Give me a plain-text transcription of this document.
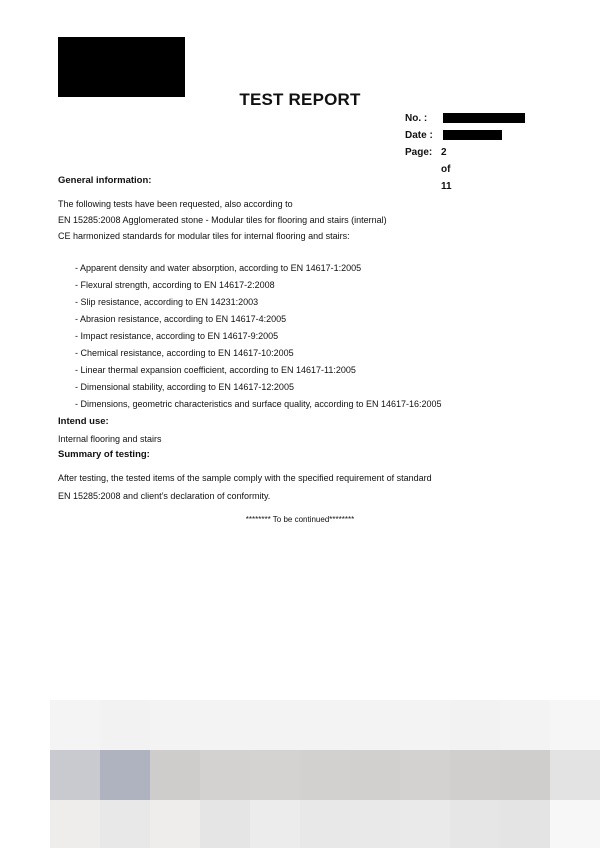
TEST REPORT
No. :
Date :
Page: 2 of 11

General information:

The following tests have been requested, also according to

EN 15285:2008 Agglomerated stone - Modular tiles for flooring and stairs (internal)

CE harmonized standards for modular tiles for internal flooring and stairs:

- Apparent density and water absorption, according to EN 14617-1:2005
- Flexural strength, according to EN 14617-2:2008
- Slip resistance, according to EN 14231:2003
- Abrasion resistance, according to EN 14617-4:2005
- Impact resistance, according to EN 14617-9:2005
- Chemical resistance, according to EN 14617-10:2005
- Linear thermal expansion coefficient, according to EN 14617-11:2005
- Dimensional stability, according to EN 14617-12:2005
- Dimensions, geometric characteristics and surface quality, according to EN 14617-16:2005

Intend use:

Internal flooring and stairs

Summary of testing:

After testing, the tested items of the sample comply with the specified requirement of standard

EN 15285:2008 and client’s declaration of conformity.

******** To be continued********
